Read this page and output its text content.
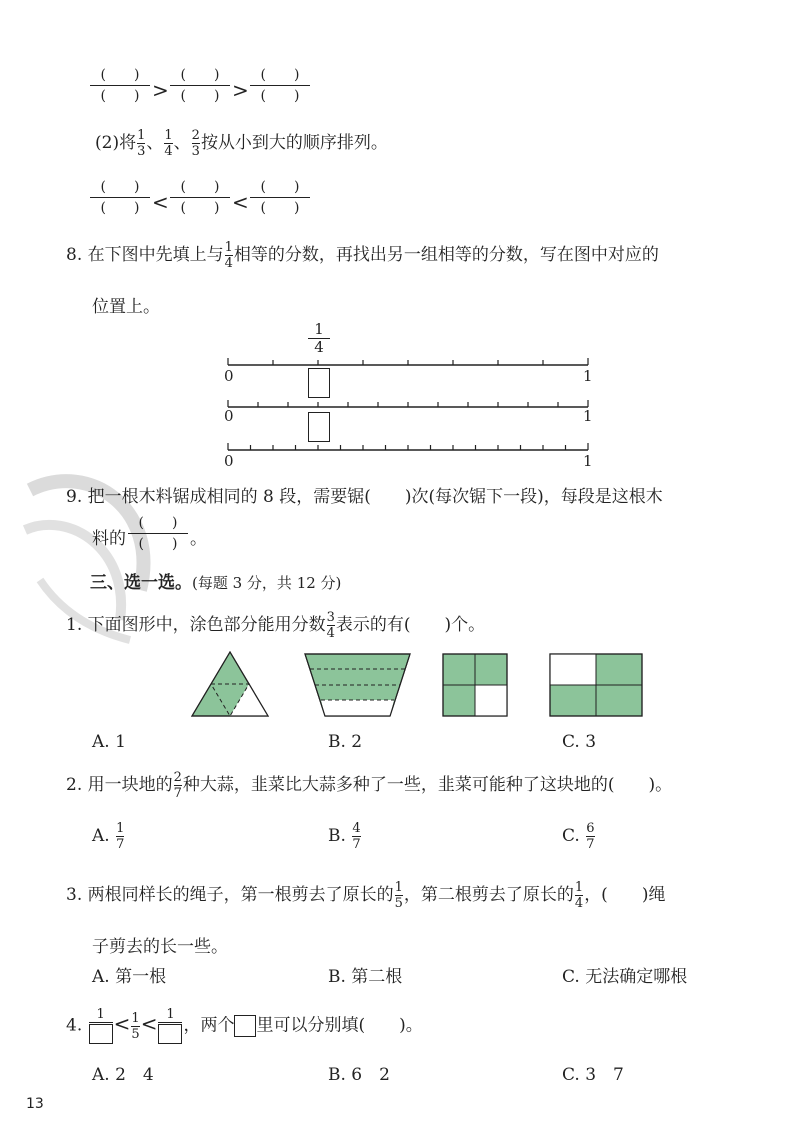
(　　)
(　　) >
(　　)
(　　) >
(　　)
(　　)
(2)将 $\frac{1}{3}$ 、 $\frac{1}{4}$ 、 $\frac{2}{3}$ 按从小到大的顺序排列。
(　　)
(　　) <
(　　)
(　　) <
(　　)
(　　)
8. 在下图中先填上与 $\frac{1}{4}$ 相等的分数，再找出另一组相等的分数，写在图中对应的
位置上。
1
4
0	1
0	1
0	1
9. 把一根木料锯成相同的 8 段，需要锯(　　)次(每次锯下一段)，每段是这根木
料的
(　　)
(　　) 。
三、选一选。(每题 3 分，共 12 分)
1. 下面图形中，涂色部分能用分数 $\frac{3}{4}$ 表示的有(　　)个。
A. 1	B. 2	C. 3
2. 用一块地的 $\frac{2}{7}$ 种大蒜，韭菜比大蒜多种了一些，韭菜可能种了这块地的(　　)。
A. $\frac{1}{7}$	B. $\frac{4}{7}$	C. $\frac{6}{7}$
3. 两根同样长的绳子，第一根剪去了原长的 $\frac{1}{5}$ ，第二根剪去了原长的 $\frac{1}{4}$ ，(　　)绳
子剪去的长一些。
A. 第一根	B. 第二根	C. 无法确定哪根
4.
$1 < \frac{1}{5} < 1$
，两个 里可以分别填(　　)。
A. 2　4	B. 6　2	C. 3　7
13
